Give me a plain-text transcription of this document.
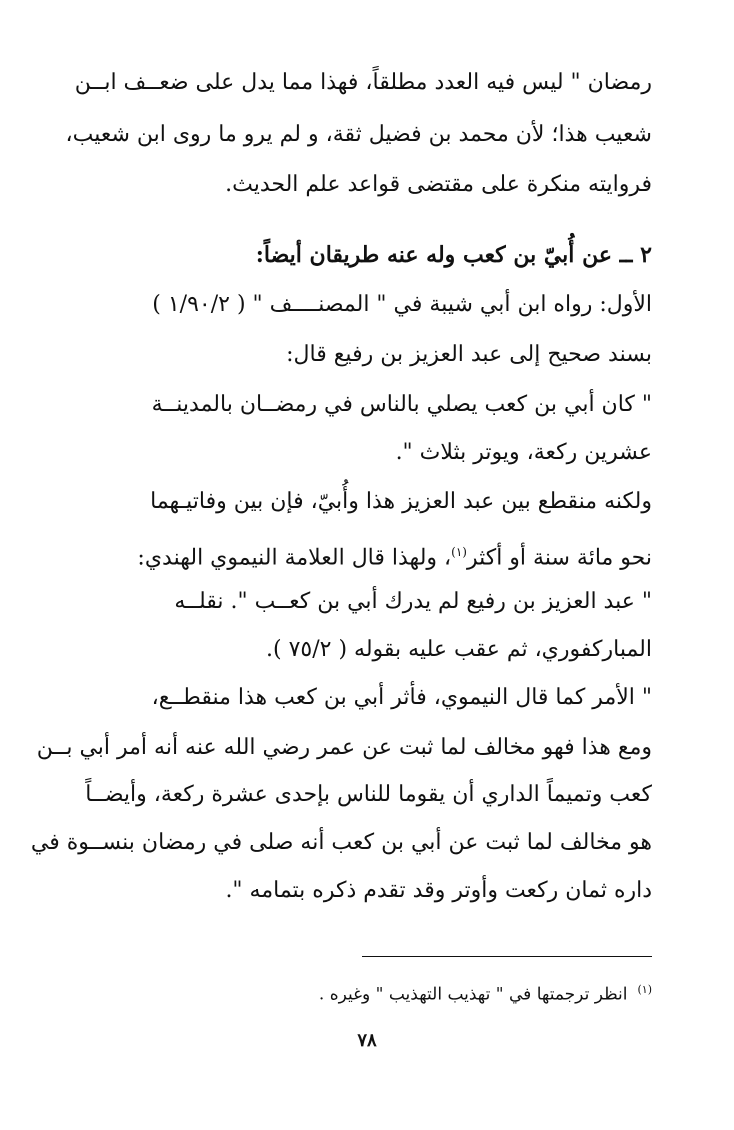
رمضان " ليس فيه العدد مطلقاً، فهذا مما يدل على ضعــف ابــن
شعيب هذا؛ لأن محمد بن فضيل ثقة، و لم يرو ما روى ابن شعيب،
فروايته منكرة على مقتضى قواعد علم الحديث.
٢ ــ عن أُبيّ بن كعب وله عنه طريقان أيضاً:
الأول: رواه ابن أبي شيبة في " المصنــــف " ( ١/٩٠/٢ )
بسند صحيح إلى عبد العزيز بن رفيع قال:
" كان أبي بن كعب يصلي بالناس في رمضــان بالمدينــة
عشرين ركعة، ويوتر بثلاث ".
ولكنه منقطع بين عبد العزيز هذا وأُبيّ، فإن بين وفاتيـهما
نحو مائة سنة أو أكثر$^{(١)}$، ولهذا قال العلامة النيموي الهندي:
" عبد العزيز بن رفيع لم يدرك أبي بن كعــب ". نقلــه
المباركفوري، ثم عقب عليه بقوله ( ٧٥/٢ ).
" الأمر كما قال النيموي، فأثر أبي بن كعب هذا منقطــع،
ومع هذا فهو مخالف لما ثبت عن عمر رضي الله عنه أنه أمر أبي بــن
كعب وتميماً الداري أن يقوما للناس بإحدى عشرة ركعة، وأيضــاً
هو مخالف لما ثبت عن أبي بن كعب أنه صلى في رمضان بنســوة في
داره ثمان ركعت وأوتر وقد تقدم ذكره بتمامه ".
$^{(١)}$انظر ترجمتها في " تهذيب التهذيب " وغيره .
٧٨
